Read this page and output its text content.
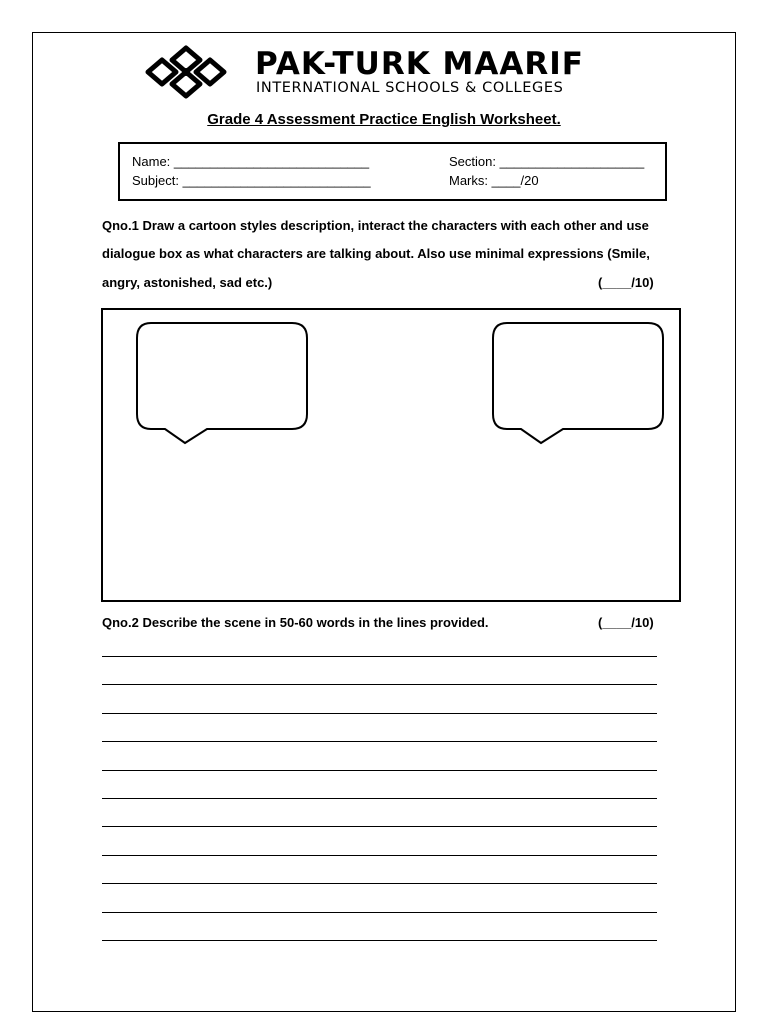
PAK-TURK MAARIF
INTERNATIONAL SCHOOLS & COLLEGES
Grade 4 Assessment Practice English Worksheet.
Name: ___________________________	Section: ____________________
Subject: __________________________	Marks: ____/20
Qno.1 Draw a cartoon styles description, interact the characters with each other and use
dialogue box as what characters are talking about. Also use minimal expressions (Smile,
angry, astonished, sad etc.)	(____/10)
Qno.2 Describe the scene in 50-60 words in the lines provided.	(____/10)
